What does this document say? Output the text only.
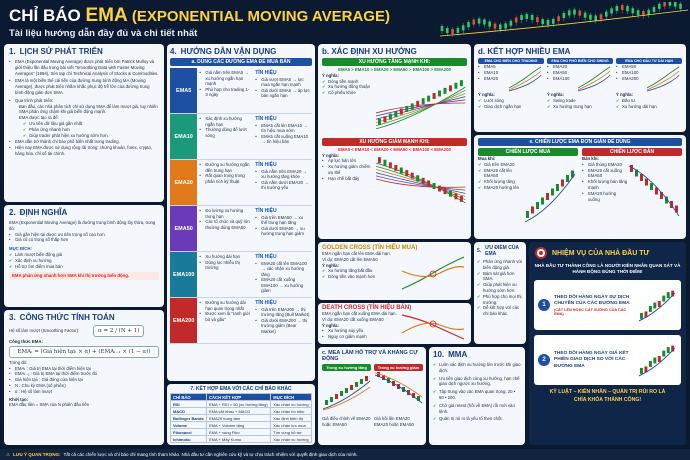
CHỈ BÁO EMA (EXPONENTIAL MOVING AVERAGE)
Tài liệu hướng dẫn đầy đủ và chi tiết nhất
1. LỊCH SỬ PHÁT TRIỂN
• EMA (Exponential Moving Average) được phát triển bởi Patrick Mulloy và giới thiệu lần đầu trong bài viết "Smoothing Data with Faster Moving Averages" (1994), trên tạp chí Technical Analysis of Stocks & Commodities.
• EMA là một biến thể cải tiến của đường trung bình động MA (Moving Average), được phát triển nhằm khắc phục độ trễ lớn của đường trung bình động giản đơn SMA.
• Qua trình phát triển:
Ban đầu, các nhà phân tích chỉ sử dụng SMA để làm mượt giá, tuy nhiên SMA phản ứng chậm khi giá biến động mạnh.
EMA được tạo ra để:
✔ Ưu tiên dữ liệu giá gần nhất
✔ Phản ứng nhanh hơn
✔ Giúp trader phát hiện xu hướng sớm hơn.
• EMA dần trở thành chỉ báo phổ biến nhất trong trading.
• Hiện nay EMA được sử dụng rộng rãi trong: chứng khoán, forex, crypto, hàng hóa, chỉ số tài chính.
2. ĐỊNH NGHĨA
EMA (Exponential Moving Average) là đường trung bình động lũy thừa, trong đó:
• Giá gần hiện tại được ưu tiên trọng số cao hơn
• Giá cũ có trọng số thấp hơn
MỤC ĐÍCH:
✔ Làm mượt biến động giá
✔ Xác định xu hướng
✔ Hỗ trợ tìm điểm mua bán
EMA phản ứng nhanh hơn SMA khi thị trường biến động.
3. CÔNG THỨC TÍNH TOÁN
Hệ số làm mượt (Smoothing Factor):	α = 2 / (N + 1)
Công thức EMA:
EMAₜ = (Giá hiện tạiₜ × α) + (EMAₜ₋₁ × (1 − α))
Trong đó:
• EMAₜ : Giá trị EMA tại thời điểm hiện tại
• EMAₜ₋₁ : Giá trị EMA tại thời điểm trước đó
• Giá hiện tạiₜ : Giá đóng cửa hiện tại
• N : Chu kỳ EMA (số phiên)
• α : Hệ số làm mượt
Khởi tạo:
EMA đầu tiên = SMA của N phiên đầu tiên
4. HƯỚNG DẪN VẬN DỤNG
a. DÙNG CÁC ĐƯỜNG EMA ĐỂ MUA BÁN
EMA5
• Giá nằm trên EMA5 → xu hướng ngắn hạn mạnh
• Phù hợp cho trading 1-3 ngày
TÍN HIỆU
• Giá vượt EMA5 → lực mua ngắn hạn mạnh
• Giá dưới EMA5 → áp lực bán ngắn hạn
EMA10
• Xác định xu hướng ngắn hạn
• Thường dùng để lướt sóng
TÍN HIỆU
• EMA5 cắt lên EMA10 → tín hiệu mua sớm
• EMA5 cắt xuống EMA10 → tín hiệu bán
EMA20
• Đường xu hướng ngắn đến trung hạn
• Rất quan trọng trong phân tích kỹ thuật
TÍN HIỆU
• Giá nằm trên EMA20 → xu hướng tăng khỏe
• Giá nằm dưới EMA20 → thị trường yếu
EMA50
• Đo lường xu hướng trung hạn
• Các tổ chức và quỹ lớn thường dùng EMA50
TÍN HIỆU
• Giá trên EMA50 → xu thế trung hạn tăng
• Giá dưới EMA50 → xu hướng trung hạn giảm
EMA100
• Xu hướng dài hạn
• Dùng lọc nhiễu thị trường
TÍN HIỆU
• EMA20 cắt lên EMA100 → xác nhận xu hướng tăng
• EMA20 cắt xuống EMA100 → xu hướng giảm
EMA200
• Đường xu hướng dài hạn quan trọng nhất
• Được xem là "ranh giới bò và gấu"
TÍN HIỆU
• Giá trên EMA200 → thị trường tăng (Bull Market)
• Giá dưới EMA200 → thị trường giảm (Bear Market)
7. KẾT HỢP EMA VỚI CÁC CHỈ BÁO KHÁC
CHỈ BÁO	CÁCH KẾT HỢP	MỤC ĐÍCH
RSI	EMA + RSI > 50 (xu hướng tăng)	Xác nhận xu hướng
MACD	EMA cắt nhau + MACD	Xác nhận tín hiệu
Bollinger Bands	EMA20 trung tâm	Xác định biên độ
Volume	EMA + Volume tăng	Xác nhận lực mua
Fibonacci	EMA + vùng Fibo	Tìm vùng hỗ trợ
Ichimoku	EMA + Mây Kumo	Xác nhận xu hướng
b. XÁC ĐỊNH XU HƯỚNG
XU HƯỚNG TĂNG MẠNH KHI:
EMA5 > EMA10 > EMA20 > EMA50 > EMA100 > EMA200
Ý nghĩa:
✔ Dòng tiền mạnh
✔ Xu hướng đồng thuận
✔ Cổ phiếu khỏe
XU HƯỚNG GIẢM MẠNH KHI:
EMA5 < EMA10 < EMA20 < EMA50 < EMA100 < EMA200
Ý nghĩa:
• Áp lực bán lớn
• Xu hướng giảm chiếm ưu thế
• Hạn chế bắt đáy
GOLDEN CROSS (TÍN HIỆU MUA)
EMA ngắn hạn cắt lên EMA dài hạn.
Ví dụ: EMA20 cắt lên EMA50
Ý nghĩa:
✔ Xu hướng tăng bắt đầu
✔ Dòng tiền vào mạnh hơn
DEATH CROSS (TÍN HIỆU BÁN)
EMA ngắn hạn cắt xuống EMA dài hạn.
Ví dụ: EMA20 cắt xuống EMA50
Ý nghĩa:
• Xu hướng suy yếu
• Nguy cơ giảm mạnh
c. MEA LÀM HỖ TRỢ VÀ KHÁNG CỰ ĐỘNG
Trong xu hướng tăng
Giá điều chỉnh về EMA20 hoặc EMA50
Trong xu hướng giảm
Giá hồi lên EMA20
EMA20 hoặc EMA50
10. MMA
✔ Luôn xác định xu hướng lớn trước khi giao dịch.
✔ Ưu tiên giao dịch cùng xu hướng, hạn chế giao dịch ngược xu hướng.
✔ Tập trung vào các EMA quan trọng: 20 • 50 • 200.
✔ Chờ giá retest (hồi về EMA) rồi mới vào lệnh.
✔ Quản trị rủi ro là yếu tố then chốt.
d. KẾT HỢP NHIỀU EMA
EMA CHO BIÊN CHO TRADING
• EMA5
• EMA10
• EMA20
Ý nghĩa:
✔ Lướt sóng
✔ Giao dịch ngắn hạn
EMA CHO PHỔ BIẾN CHO SWING
• EMA20
• EMA50
• EMA100
Ý nghĩa:
✔ Swing trade
✔ Xu hướng trung hạn
EMA CHO ĐẦU TƯ DÀI HẠN
• EMA50
• EMA100
• EMA200
Ý nghĩa:
✔ Đầu tư
✔ Xu hướng dài hạn
e. CHIẾN LƯỢC EMA ĐƠN GIẢN ĐỂ DÙNG
CHIẾN LƯỢC MUA
Mua khi:
✔ Giá trên EMA20
✔ EMA20 cắt lên EMA50
✔ Khối lượng tăng
✔ EMA20 hướng lên
CHIẾN LƯỢC BÁN
Bán khi:
• Giá thủng EMA20
• EMA20 cắt xuống EMA50
• Khối lượng bán tăng mạnh
• EMA20 hướng xuống
5. ƯU ĐIỂM CỦA EMA
✔ Phản ứng nhanh với biến động giá.
✔ Bám sát giá hơn SMA.
✔ Giúp phát hiện xu hướng sớm hơn.
✔ Phù hợp cho mọi thị trường.
✔ Dễ kết hợp với các chỉ báo khác.
NHIỆM VỤ CỦA NHÀ ĐẦU TƯ
NHÀ ĐẦU TƯ THÀNH CÔNG LÀ NGƯỜI KIÊN NHẪN QUAN SÁT VÀ HÀNH ĐỘNG ĐÚNG THỜI ĐIỂM!
1
THEO DÕI HÀNG NGÀY SỰ DỊCH CHUYỂN CỦA CÁC ĐƯỜNG EMA
(CẮT LÊN HOẶC CẮT XUỐNG CỦA CÁC EMA)
2
THEO DÕI HÀNG NGÀY GIÁ KẾT PHIÊN GIAO DỊCH SO VỚI CÁC ĐƯỜNG EMA
KỶ LUẬT – KIÊN NHẪN – QUẢN TRỊ RỦI RO LÀ CHÌA KHÓA THÀNH CÔNG!
⚠ LƯU Ý QUAN TRỌNG: Tất cả các chiến lược và chỉ báo chỉ mang tính tham khảo. Nhà đầu tư cần nghiên cứu kỹ và tự chịu trách nhiệm với quyết định giao dịch của mình.
